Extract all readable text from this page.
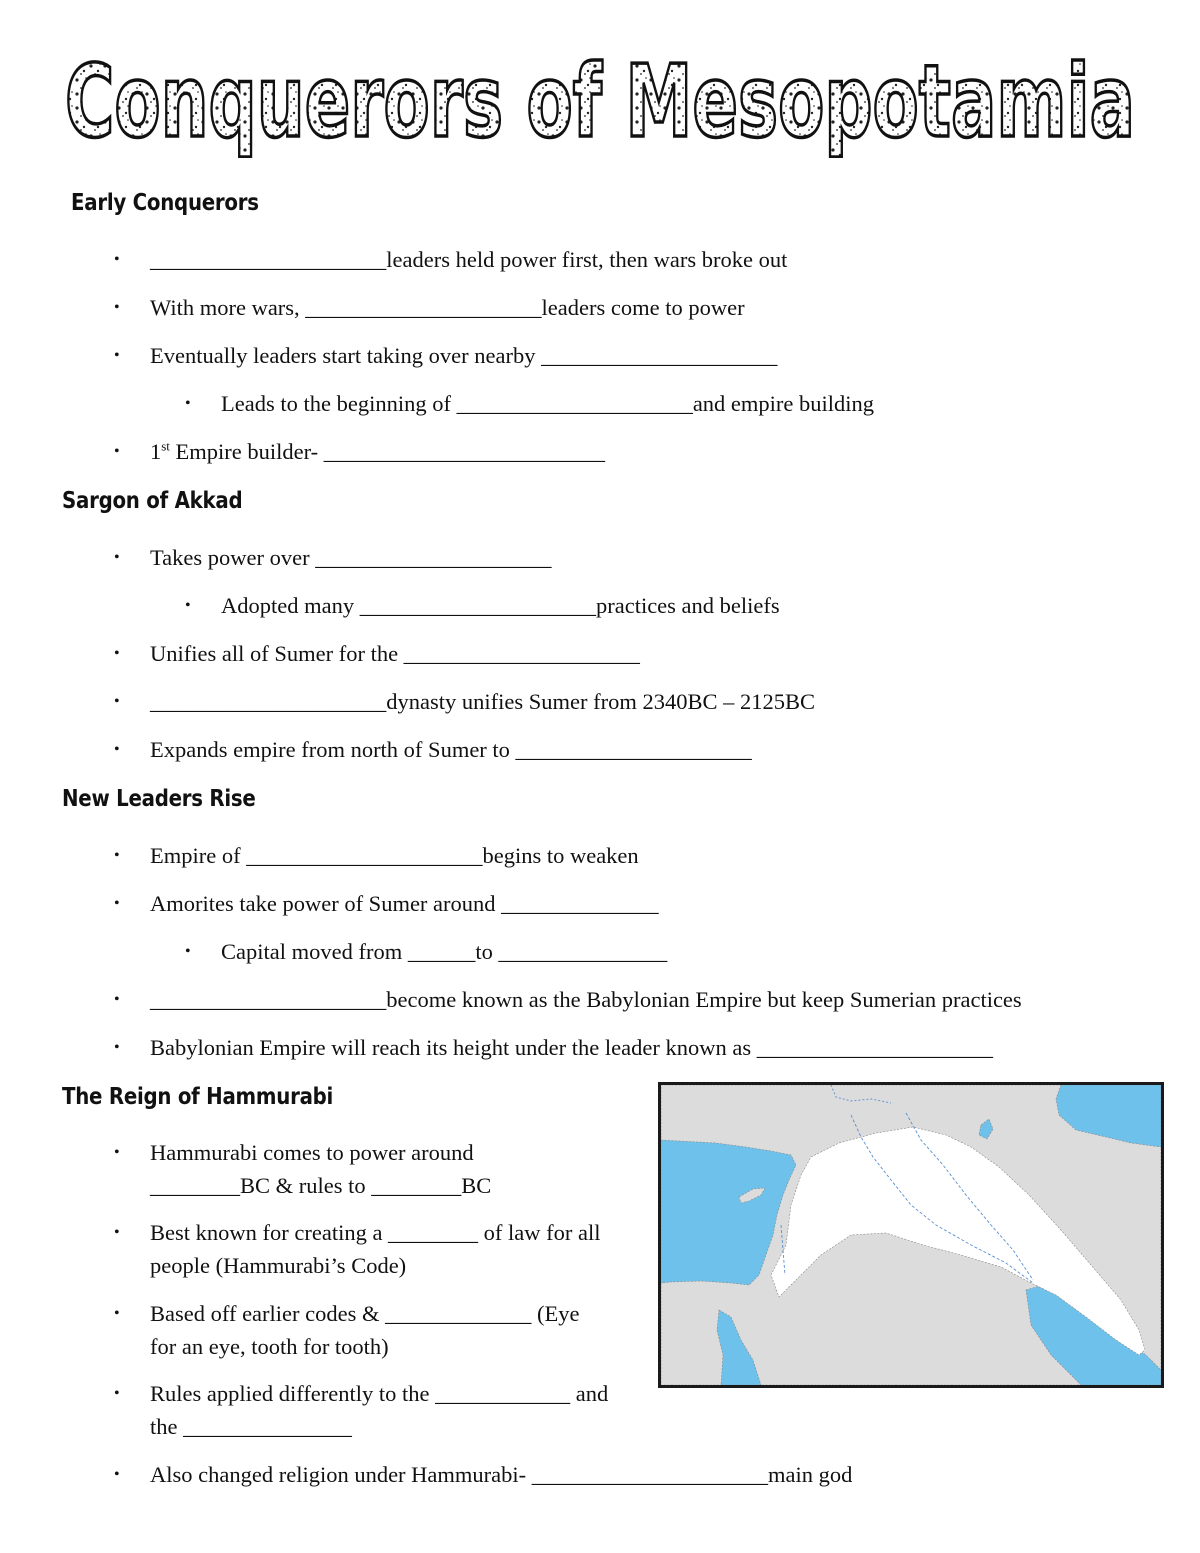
Conquerors of Mesopotamia
Early Conquerors
• _____________________leaders held power first, then wars broke out
• With more wars, _____________________leaders come to power
• Eventually leaders start taking over nearby _____________________
• Leads to the beginning of _____________________and empire building
• 1st Empire builder- _________________________
Sargon of Akkad
• Takes power over _____________________
• Adopted many _____________________practices and beliefs
• Unifies all of Sumer for the _____________________
• _____________________dynasty unifies Sumer from 2340BC – 2125BC
• Expands empire from north of Sumer to _____________________
New Leaders Rise
• Empire of _____________________begins to weaken
• Amorites take power of Sumer around ______________
• Capital moved from ______to _______________
• _____________________become known as the Babylonian Empire but keep Sumerian practices
• Babylonian Empire will reach its height under the leader known as _____________________
The Reign of Hammurabi
• Hammurabi comes to power around ________BC & rules to ________BC
• Best known for creating a ________ of law for all people (Hammurabi’s Code)
• Based off earlier codes & _____________ (Eye for an eye, tooth for tooth)
• Rules applied differently to the ____________ and the _______________
• Also changed religion under Hammurabi- _____________________main god
